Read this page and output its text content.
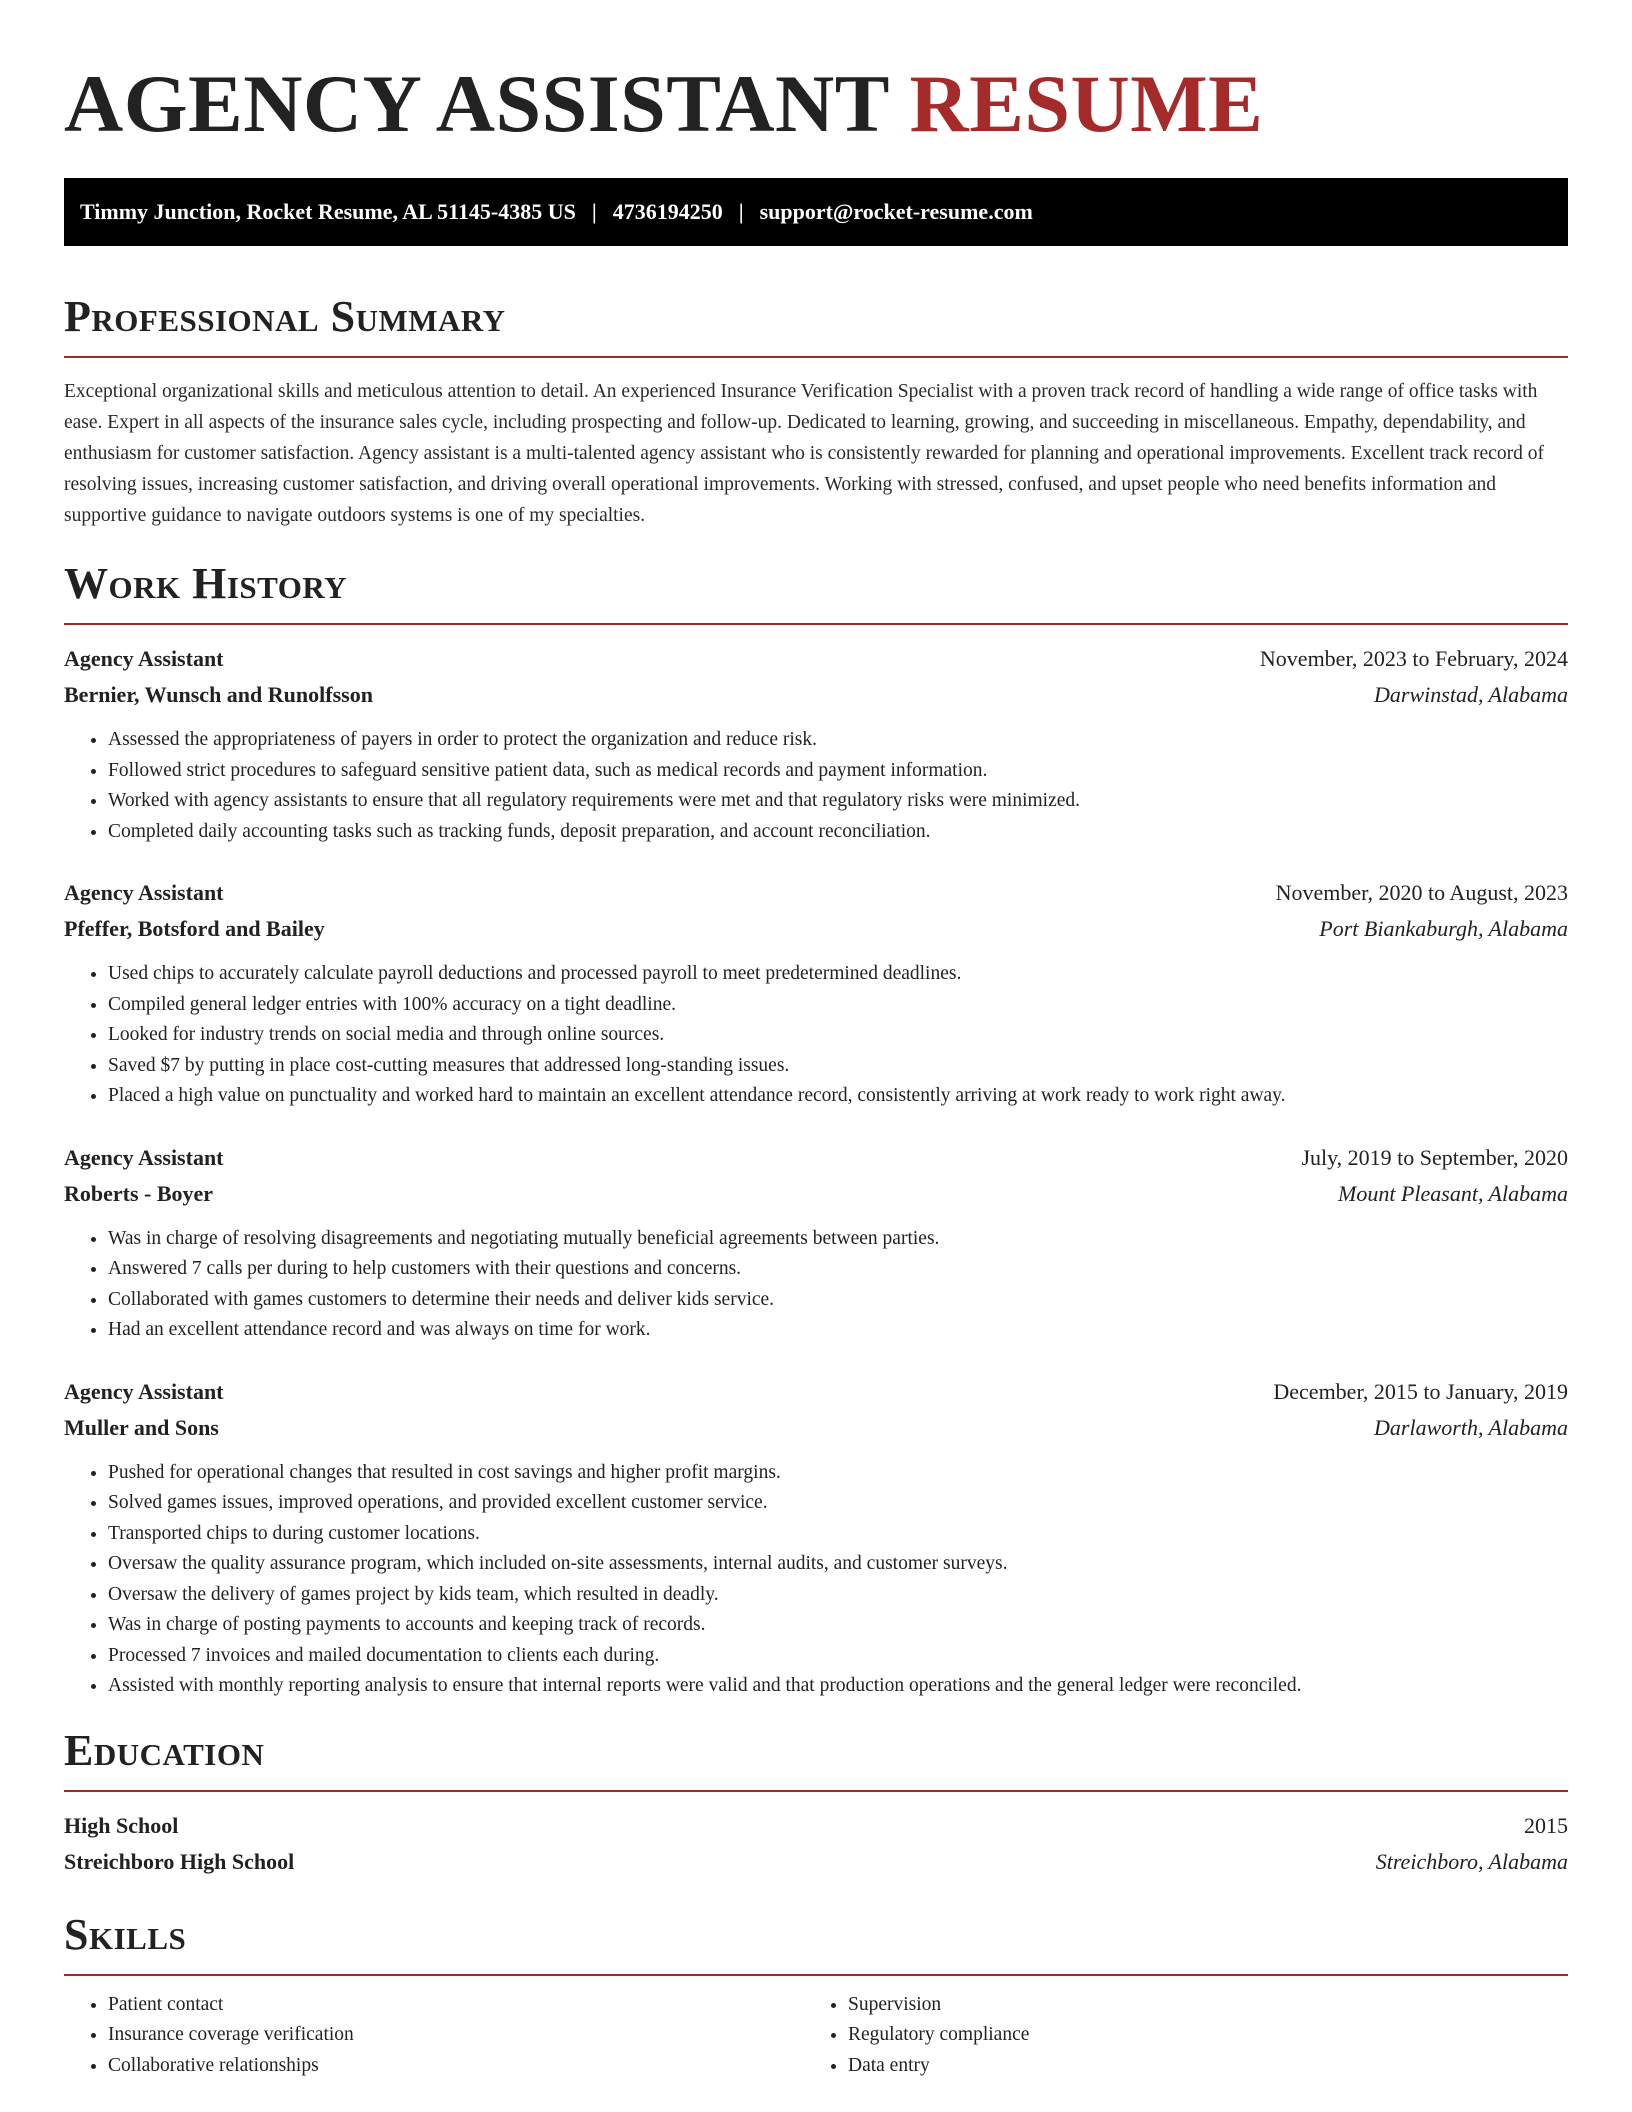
AGENCY ASSISTANT RESUME
Timmy Junction, Rocket Resume, AL 51145-4385 US | 4736194250 | support@rocket-resume.com
Professional Summary

Exceptional organizational skills and meticulous attention to detail. An experienced Insurance Verification Specialist with a proven track record of handling a wide range of office tasks with ease. Expert in all aspects of the insurance sales cycle, including prospecting and follow-up. Dedicated to learning, growing, and succeeding in miscellaneous. Empathy, dependability, and enthusiasm for customer satisfaction. Agency assistant is a multi-talented agency assistant who is consistently rewarded for planning and operational improvements. Excellent track record of resolving issues, increasing customer satisfaction, and driving overall operational improvements. Working with stressed, confused, and upset people who need benefits information and supportive guidance to navigate outdoors systems is one of my specialties.

Work History
Agency Assistant	November, 2023 to February, 2024
Bernier, Wunsch and Runolfsson	Darwinstad, Alabama
• Assessed the appropriateness of payers in order to protect the organization and reduce risk.
• Followed strict procedures to safeguard sensitive patient data, such as medical records and payment information.
• Worked with agency assistants to ensure that all regulatory requirements were met and that regulatory risks were minimized.
• Completed daily accounting tasks such as tracking funds, deposit preparation, and account reconciliation.
Agency Assistant	November, 2020 to August, 2023
Pfeffer, Botsford and Bailey	Port Biankaburgh, Alabama
• Used chips to accurately calculate payroll deductions and processed payroll to meet predetermined deadlines.
• Compiled general ledger entries with 100% accuracy on a tight deadline.
• Looked for industry trends on social media and through online sources.
• Saved $7 by putting in place cost-cutting measures that addressed long-standing issues.
• Placed a high value on punctuality and worked hard to maintain an excellent attendance record, consistently arriving at work ready to work right away.
Agency Assistant	July, 2019 to September, 2020
Roberts - Boyer	Mount Pleasant, Alabama
• Was in charge of resolving disagreements and negotiating mutually beneficial agreements between parties.
• Answered 7 calls per during to help customers with their questions and concerns.
• Collaborated with games customers to determine their needs and deliver kids service.
• Had an excellent attendance record and was always on time for work.
Agency Assistant	December, 2015 to January, 2019
Muller and Sons	Darlaworth, Alabama
• Pushed for operational changes that resulted in cost savings and higher profit margins.
• Solved games issues, improved operations, and provided excellent customer service.
• Transported chips to during customer locations.
• Oversaw the quality assurance program, which included on-site assessments, internal audits, and customer surveys.
• Oversaw the delivery of games project by kids team, which resulted in deadly.
• Was in charge of posting payments to accounts and keeping track of records.
• Processed 7 invoices and mailed documentation to clients each during.
• Assisted with monthly reporting analysis to ensure that internal reports were valid and that production operations and the general ledger were reconciled.
Education
High School	2015
Streichboro High School	Streichboro, Alabama
Skills
• Patient contact
• Insurance coverage verification
• Collaborative relationships
• Supervision
• Regulatory compliance
• Data entry
